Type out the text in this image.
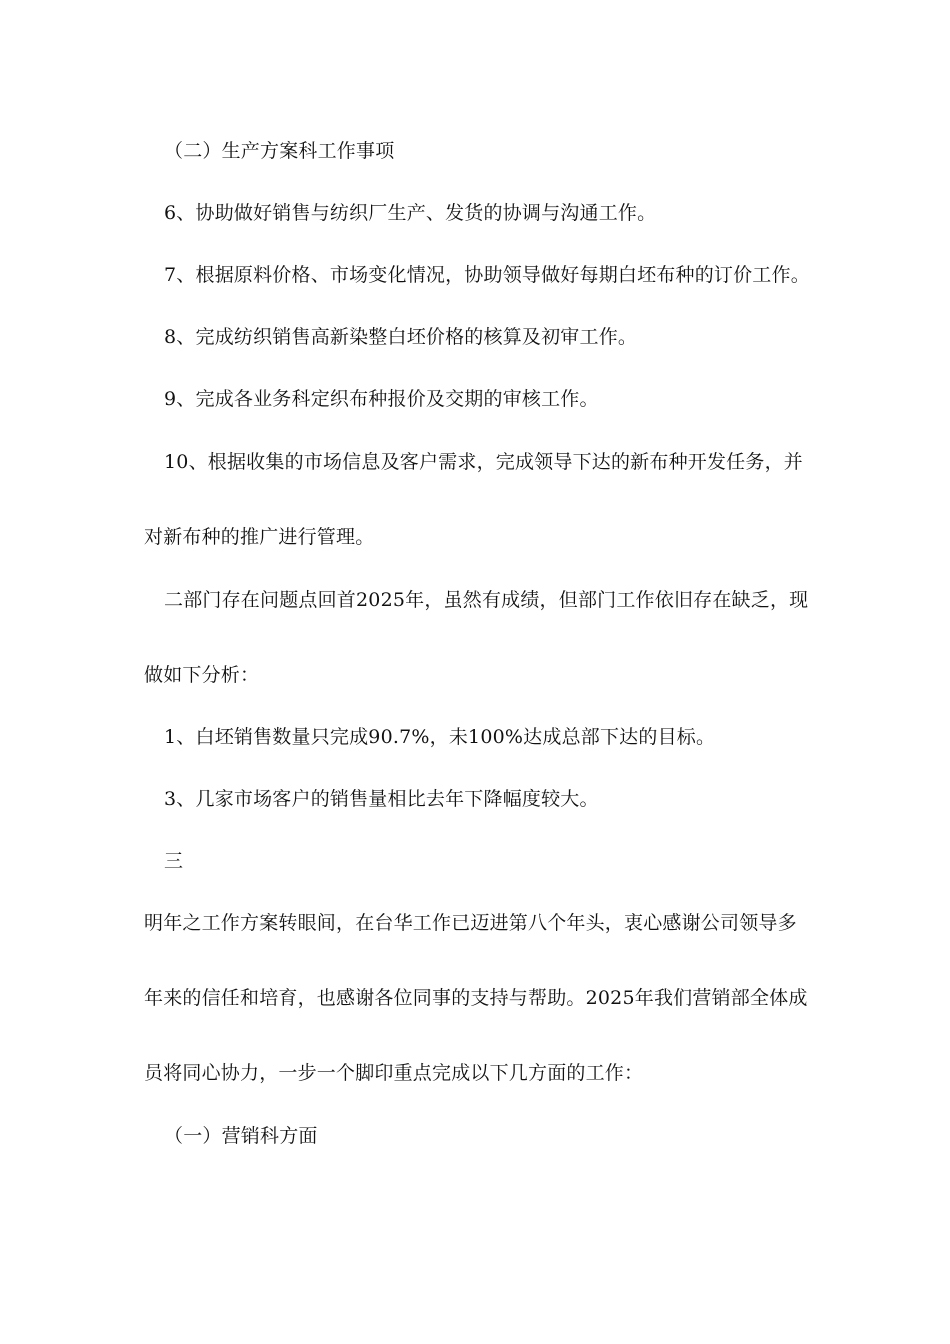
（二）生产方案科工作事项
6、协助做好销售与纺织厂生产、发货的协调与沟通工作。
7、根据原料价格、市场变化情况，协助领导做好每期白坯布种的订价工作。
8、完成纺织销售高新染整白坯价格的核算及初审工作。
9、完成各业务科定织布种报价及交期的审核工作。
10、根据收集的市场信息及客户需求，完成领导下达的新布种开发任务，并
对新布种的推广进行管理。
二部门存在问题点回首2025年，虽然有成绩，但部门工作依旧存在缺乏，现
做如下分析：
1、白坯销售数量只完成90.7%，未100%达成总部下达的目标。
3、几家市场客户的销售量相比去年下降幅度较大。
三
明年之工作方案转眼间，在台华工作已迈进第八个年头，衷心感谢公司领导多
年来的信任和培育，也感谢各位同事的支持与帮助。2025年我们营销部全体成
员将同心协力，一步一个脚印重点完成以下几方面的工作：
（一）营销科方面
